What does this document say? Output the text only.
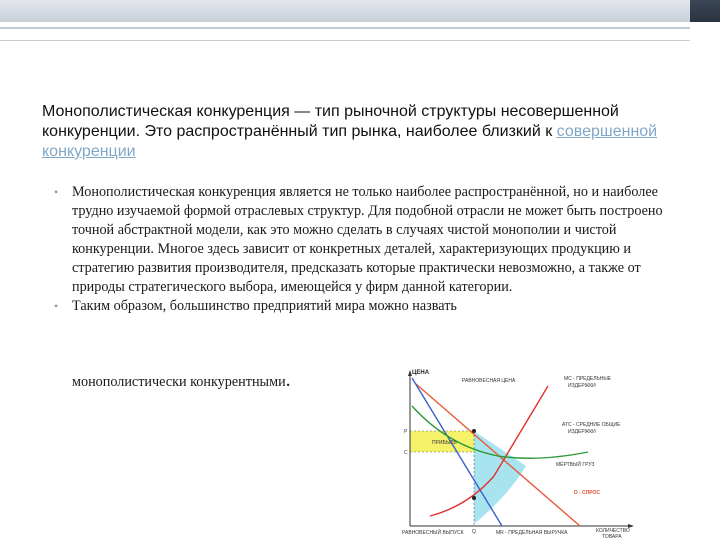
Монополистическая конкуренция — тип рыночной структуры несовершенной конкуренции. Это распространённый тип рынка, наиболее близкий к совершенной конкуренции
• Монополистическая конкуренция является не только наиболее распространённой, но и наиболее трудно изучаемой формой отраслевых структур. Для подобной отрасли не может быть построено точной абстрактной модели, как это можно сделать в случаях чистой монополии и чистой конкуренции. Многое здесь зависит от конкретных деталей, характеризующих продукцию и стратегию развития производителя, предсказать которые практически невозможно, а также от природы стратегического выбора, имеющейся у фирм данной категории.
• Таким образом, большинство предприятий мира можно назвать
монополистически конкурентными.	ЦЕНА
РАВНОВЕСНАЯ ЦЕНА	MC - ПРЕДЕЛЬНЫЕ
ИЗДЕРЖКИ
ATC - СРЕДНИЕ ОБЩИЕ
ИЗДЕРЖКИ
ПРИБЫЛЬ
МЁРТВЫЙ ГРУЗ
D - СПРОС
MR - ПРЕДЕЛЬНАЯ ВЫРУЧКА
РАВНОВЕСНЫЙ ВЫПУСК	КОЛИЧЕСТВО
ТОВАРА
P
C
Q
